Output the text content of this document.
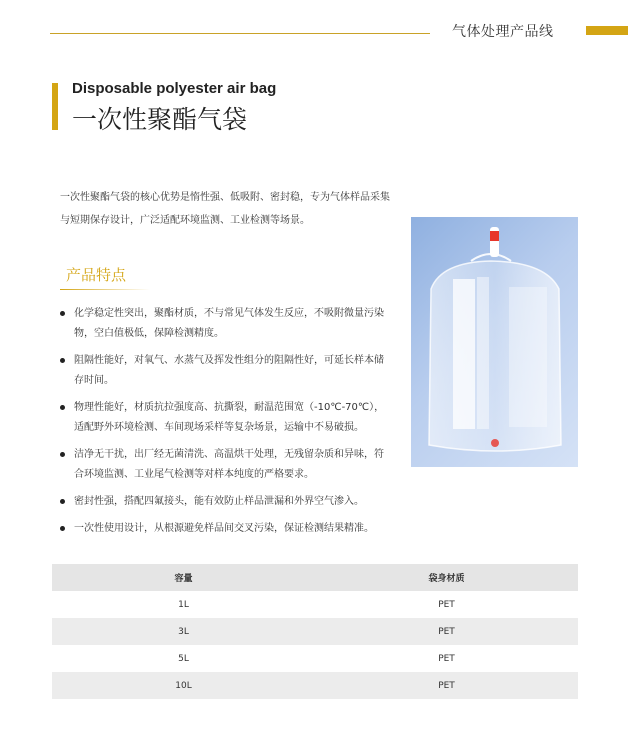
气体处理产品线
Disposable polyester air bag
一次性聚酯气袋
一次性聚酯气袋的核心优势是惰性强、低吸附、密封稳，专为气体样品采集与短期保存设计，广泛适配环境监测、工业检测等场景。
产品特点
化学稳定性突出，聚酯材质，不与常见气体发生反应，不吸附微量污染物，空白值极低，保障检测精度。
阻隔性能好，对氧气、水蒸气及挥发性组分的阻隔性好，可延长样本储存时间。
物理性能好，材质抗拉强度高、抗撕裂，耐温范围宽（-10℃-70℃），适配野外环境检测、车间现场采样等复杂场景，运输中不易破损。
洁净无干扰，出厂经无菌清洗、高温烘干处理，无残留杂质和异味，符合环境监测、工业尾气检测等对样本纯度的严格要求。
密封性强，搭配四氟接头，能有效防止样品泄漏和外界空气渗入。
一次性使用设计，从根源避免样品间交叉污染，保证检测结果精准。
容量	袋身材质
1L	PET
3L	PET
5L	PET
10L	PET
